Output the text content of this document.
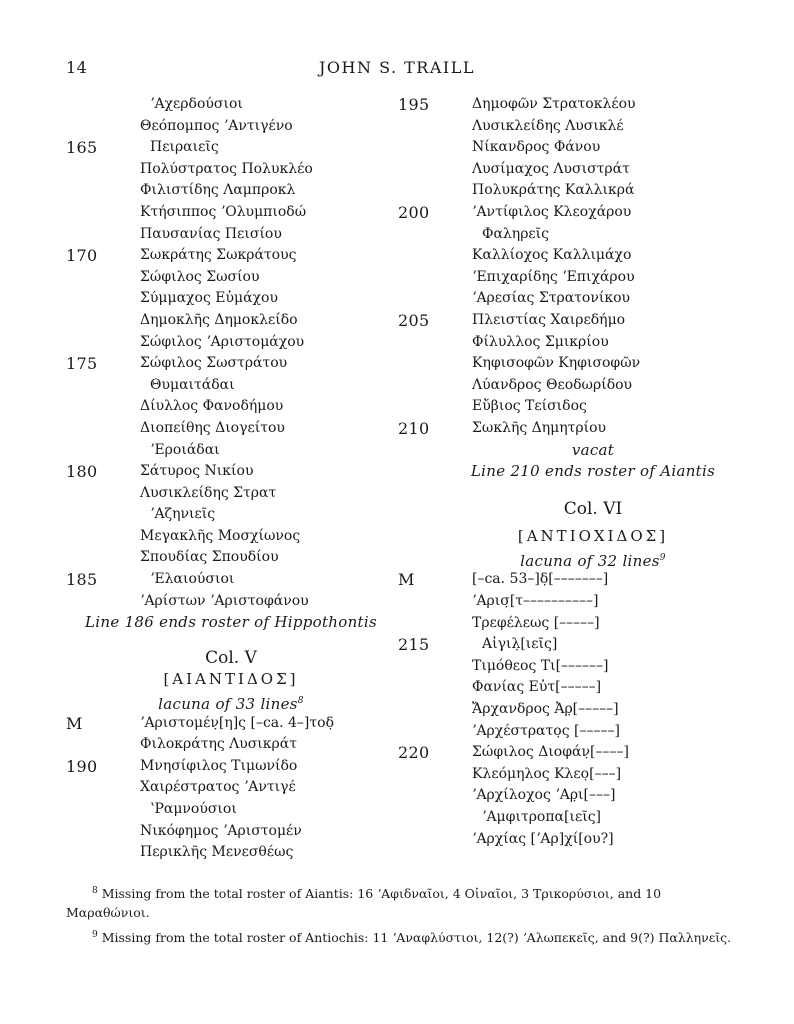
14	JOHN S. TRAILL
ʼΑχερδούσιοι
Θεόπομπος ʼΑντιγένο
165	Πειραιεῖς
Πολύστρατος Πολυκλέο
Φιλιστίδης Λαμπροκλ
Κτήσιππος ʼΟλυμπιοδώ
Παυσανίας Πεισίου
170	Σωκράτης Σωκράτους
Σώφιλος Σωσίου
Σύμμαχος Εὐμάχου
Δημοκλῆς Δημοκλείδο
Σώφιλος ʼΑριστομάχου
175	Σώφιλος Σωστράτου
Θυμαιτάδαι
Δίυλλος Φανοδήμου
Διοπείθης Διογείτου
ʼΕροιάδαι
180	Σάτυρος Νικίου
Λυσικλείδης Στρατ
ʼΑζηνιεῖς
Μεγακλῆς Μοσχίωνος
Σπουδίας Σπουδίου
185	ʼΕλαιούσιοι
ʼΑρίστων ʼΑριστοφάνου
Line 186 ends roster of Hippothontis
Col. V
[ΑΙΑΝΤΙΔΟΣ]
lacuna of 33 lines$^8$
M	ʼΑριστομέν̣[η]ς [–ca. 4–]τοδ̣
Φιλοκράτης Λυσικράτ
190	Μνησίφιλος Τιμωνίδο
Χαιρέστρατος ʼΑντιγέ
ʽΡαμνούσιοι
Νικόφημος ʼΑριστομέν
Περικλῆς Μενεσθέως
195	Δημοφῶν Στρατοκλέου
Λυσικλείδης Λυσικλέ
Νίκανδρος Φάνου
Λυσίμαχος Λυσιστράτ
Πολυκράτης Καλλικρά
200	ʼΑντίφιλος Κλεοχάρου
Φαληρεῖς
Καλλίοχος Καλλιμάχο
ʼΕπιχαρίδης ʼΕπιχάρου
ʼΑρεσίας Στρατονίκου
205	Πλειστίας Χαιρεδήμο
Φίλυλλος Σμικρίου
Κηφισοφῶν Κηφισοφῶν
Λύανδρος Θεοδωρίδου
Εὔβιος Τείσιδος
210	Σωκλῆς Δημητρίου
vacat
Line 210 ends roster of Aiantis
Col. VI
[ΑΝΤΙΟΧΙΔΟΣ]
lacuna of 32 lines$^9$
M	[–ca. 53–]δ̣[–––––––]
ʼΑρισ̣[τ––––––––––]
Τρεφέλεως [–––––]
215	Αἰγιλ̣[ιεῖς]
Τιμόθεος Τι[––––––]
Φανίας Εὐτ[–––––]
Ἄρχανδρος Ἀρ̣[–––––]
ʼΑρχέστρατο̣ς [–––––]
220	Σώφιλος Διοφάν̣[––––]
Κλεόμηλος Κλεο̣[–––]
ʼΑρχίλοχος ʼΑρ̣ι[–––]
ʼΑμφιτροπα[ιεῖς]
ʼΑρχίας [ʼΑρ]χί[ου?]

$^8$ Missing from the total roster of Aiantis: 16 ʼΑφιδναῖοι, 4 Οἰναῖοι, 3 Τρικορύσιοι, and 10 Μαραθώνιοι.

$^9$ Missing from the total roster of Antiochis: 11 ʼΑναφλύστιοι, 12(?) ʼΑλωπεκεῖς, and 9(?) Παλληνεῖς.
